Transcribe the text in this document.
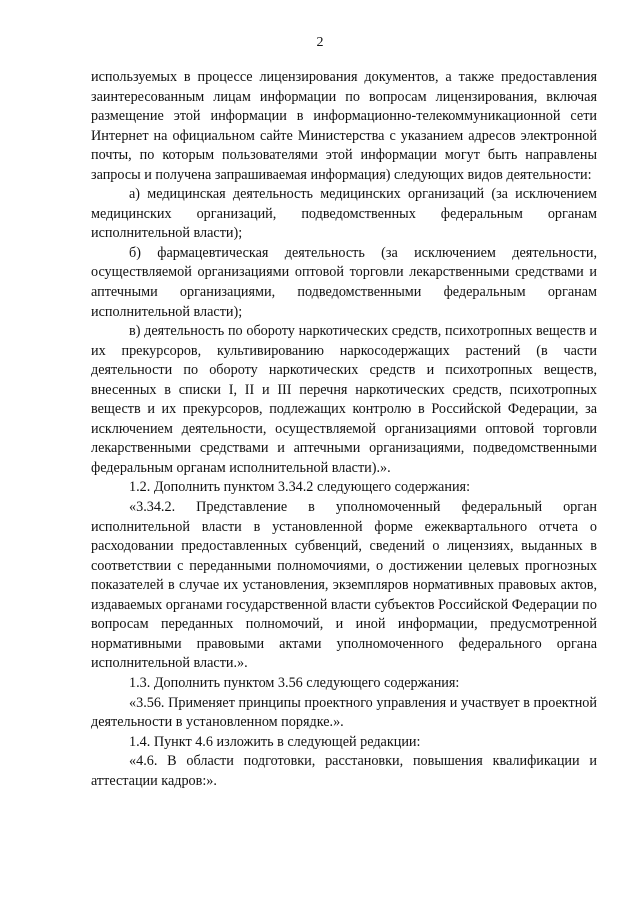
2

используемых в процессе лицензирования документов, а также предоставления заинтересованным лицам информации по вопросам лицензирования, включая размещение этой информации в информационно-телекоммуникационной сети Интернет на официальном сайте Министерства с указанием адресов электронной почты, по которым пользователями этой информации могут быть направлены запросы и получена запрашиваемая информация) следующих видов деятельности:

а) медицинская деятельность медицинских организаций (за исключением медицинских организаций, подведомственных федеральным органам исполнительной власти);

б) фармацевтическая деятельность (за исключением деятельности, осуществляемой организациями оптовой торговли лекарственными средствами и аптечными организациями, подведомственными федеральным органам исполнительной власти);

в) деятельность по обороту наркотических средств, психотропных веществ и их прекурсоров, культивированию наркосодержащих растений (в части деятельности по обороту наркотических средств и психотропных веществ, внесенных в списки I, II и III перечня наркотических средств, психотропных веществ и их прекурсоров, подлежащих контролю в Российской Федерации, за исключением деятельности, осуществляемой организациями оптовой торговли лекарственными средствами и аптечными организациями, подведомственными федеральным органам исполнительной власти).».

1.2. Дополнить пунктом 3.34.2 следующего содержания:

«3.34.2. Представление в уполномоченный федеральный орган исполнительной власти в установленной форме ежеквартального отчета о расходовании предоставленных субвенций, сведений о лицензиях, выданных в соответствии с переданными полномочиями, о достижении целевых прогнозных показателей в случае их установления, экземпляров нормативных правовых актов, издаваемых органами государственной власти субъектов Российской Федерации по вопросам переданных полномочий, и иной информации, предусмотренной нормативными правовыми актами уполномоченного федерального органа исполнительной власти.».

1.3. Дополнить пунктом 3.56 следующего содержания:

«3.56. Применяет принципы проектного управления и участвует в проектной деятельности в установленном порядке.».

1.4. Пункт 4.6 изложить в следующей редакции:

«4.6. В области подготовки, расстановки, повышения квалификации и аттестации кадров:».
